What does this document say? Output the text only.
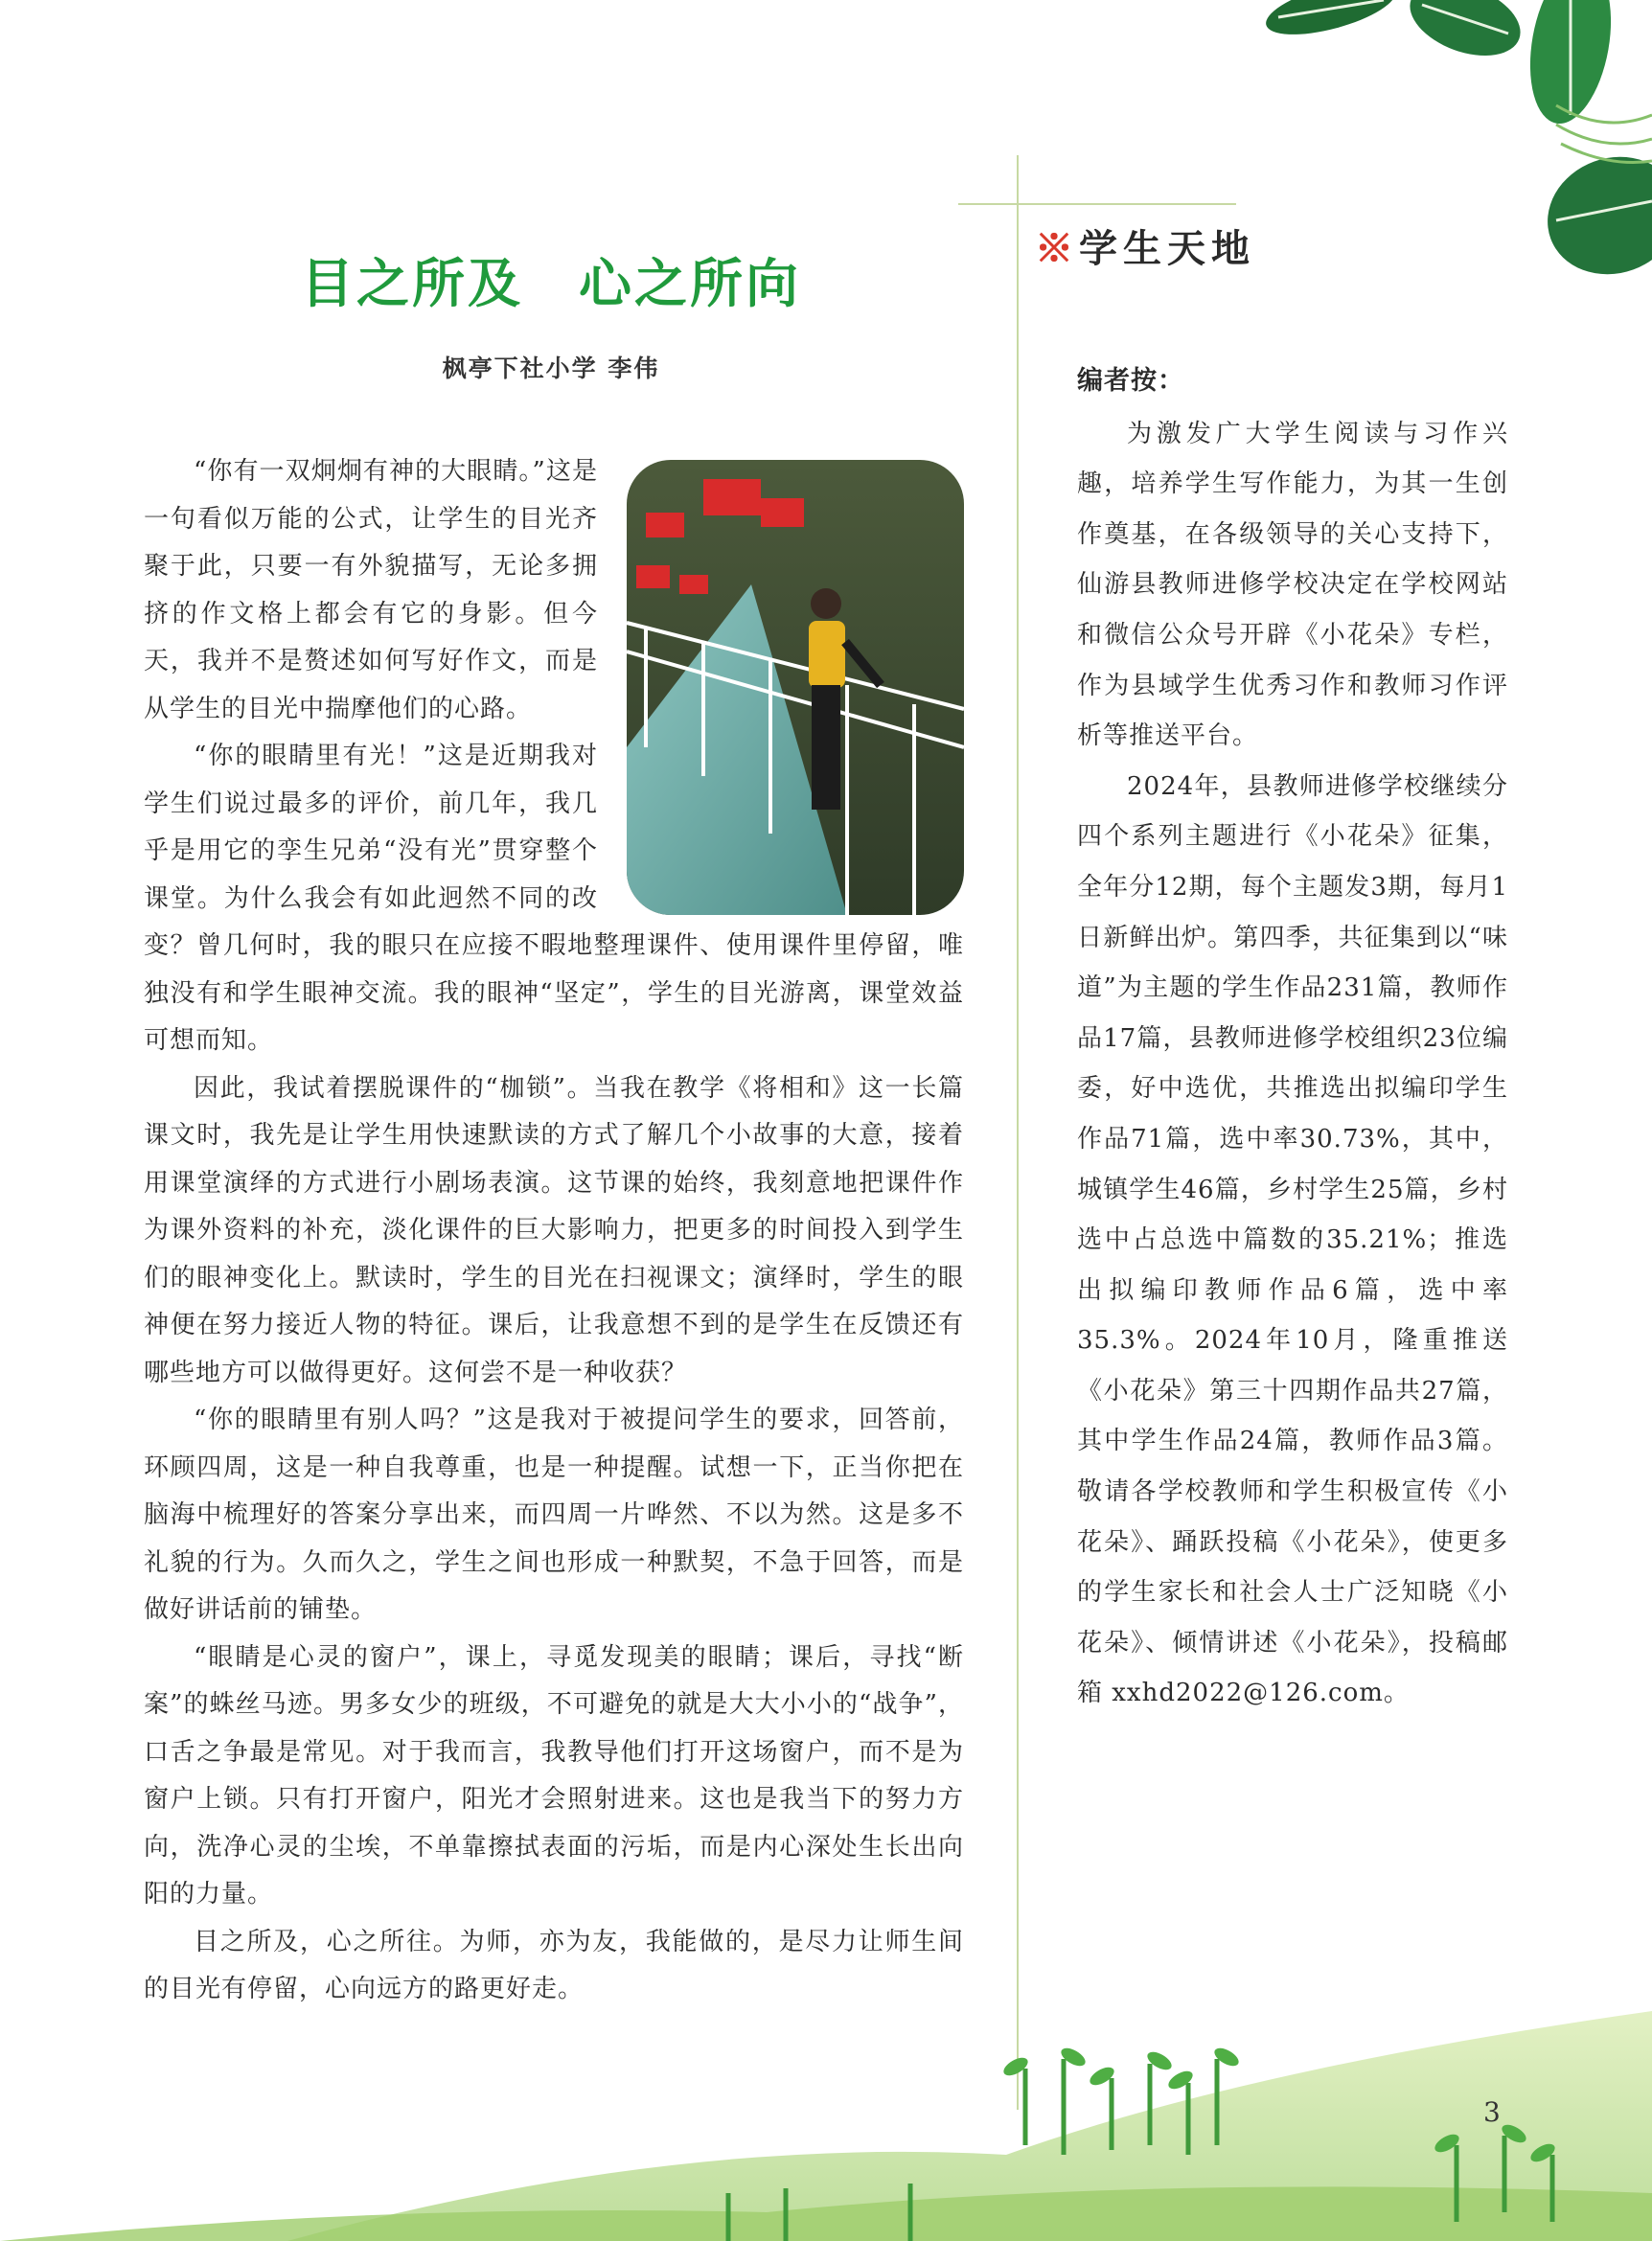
目之所及　心之所向
枫亭下社小学 李伟

“你有一双炯炯有神的大眼睛。”这是一句看似万能的公式，让学生的目光齐聚于此，只要一有外貌描写，无论多拥挤的作文格上都会有它的身影。但今天，我并不是赘述如何写好作文，而是从学生的目光中揣摩他们的心路。

“你的眼睛里有光！”这是近期我对学生们说过最多的评价，前几年，我几乎是用它的孪生兄弟“没有光”贯穿整个课堂。为什么我会有如此迥然不同的改变？曾几何时，我的眼只在应接不暇地整理课件、使用课件里停留，唯独没有和学生眼神交流。我的眼神“坚定”，学生的目光游离，课堂效益可想而知。

因此，我试着摆脱课件的“枷锁”。当我在教学《将相和》这一长篇课文时，我先是让学生用快速默读的方式了解几个小故事的大意，接着用课堂演绎的方式进行小剧场表演。这节课的始终，我刻意地把课件作为课外资料的补充，淡化课件的巨大影响力，把更多的时间投入到学生们的眼神变化上。默读时，学生的目光在扫视课文；演绎时，学生的眼神便在努力接近人物的特征。课后，让我意想不到的是学生在反馈还有哪些地方可以做得更好。这何尝不是一种收获？

“你的眼睛里有别人吗？”这是我对于被提问学生的要求，回答前，环顾四周，这是一种自我尊重，也是一种提醒。试想一下，正当你把在脑海中梳理好的答案分享出来，而四周一片哗然、不以为然。这是多不礼貌的行为。久而久之，学生之间也形成一种默契，不急于回答，而是做好讲话前的铺垫。

“眼睛是心灵的窗户”，课上，寻觅发现美的眼睛；课后，寻找“断案”的蛛丝马迹。男多女少的班级，不可避免的就是大大小小的“战争”，口舌之争最是常见。对于我而言，我教导他们打开这场窗户，而不是为窗户上锁。只有打开窗户，阳光才会照射进来。这也是我当下的努力方向，洗净心灵的尘埃，不单靠擦拭表面的污垢，而是内心深处生长出向阳的力量。

目之所及，心之所往。为师，亦为友，我能做的，是尽力让师生间的目光有停留，心向远方的路更好走。

※学生天地
编者按：

为激发广大学生阅读与习作兴趣，培养学生写作能力，为其一生创作奠基，在各级领导的关心支持下，仙游县教师进修学校决定在学校网站和微信公众号开辟《小花朵》专栏，作为县域学生优秀习作和教师习作评析等推送平台。

2024年，县教师进修学校继续分四个系列主题进行《小花朵》征集，全年分12期，每个主题发3期，每月1日新鲜出炉。第四季，共征集到以“味道”为主题的学生作品231篇，教师作品17篇，县教师进修学校组织23位编委，好中选优，共推选出拟编印学生作品71篇，选中率30.73%，其中，城镇学生46篇，乡村学生25篇，乡村选中占总选中篇数的35.21%；推选出拟编印教师作品6篇，选中率35.3%。2024年10月，隆重推送《小花朵》第三十四期作品共27篇，其中学生作品24篇，教师作品3篇。敬请各学校教师和学生积极宣传《小花朵》、踊跃投稿《小花朵》，使更多的学生家长和社会人士广泛知晓《小花朵》、倾情讲述《小花朵》，投稿邮箱 xxhd2022@126.com。

3
